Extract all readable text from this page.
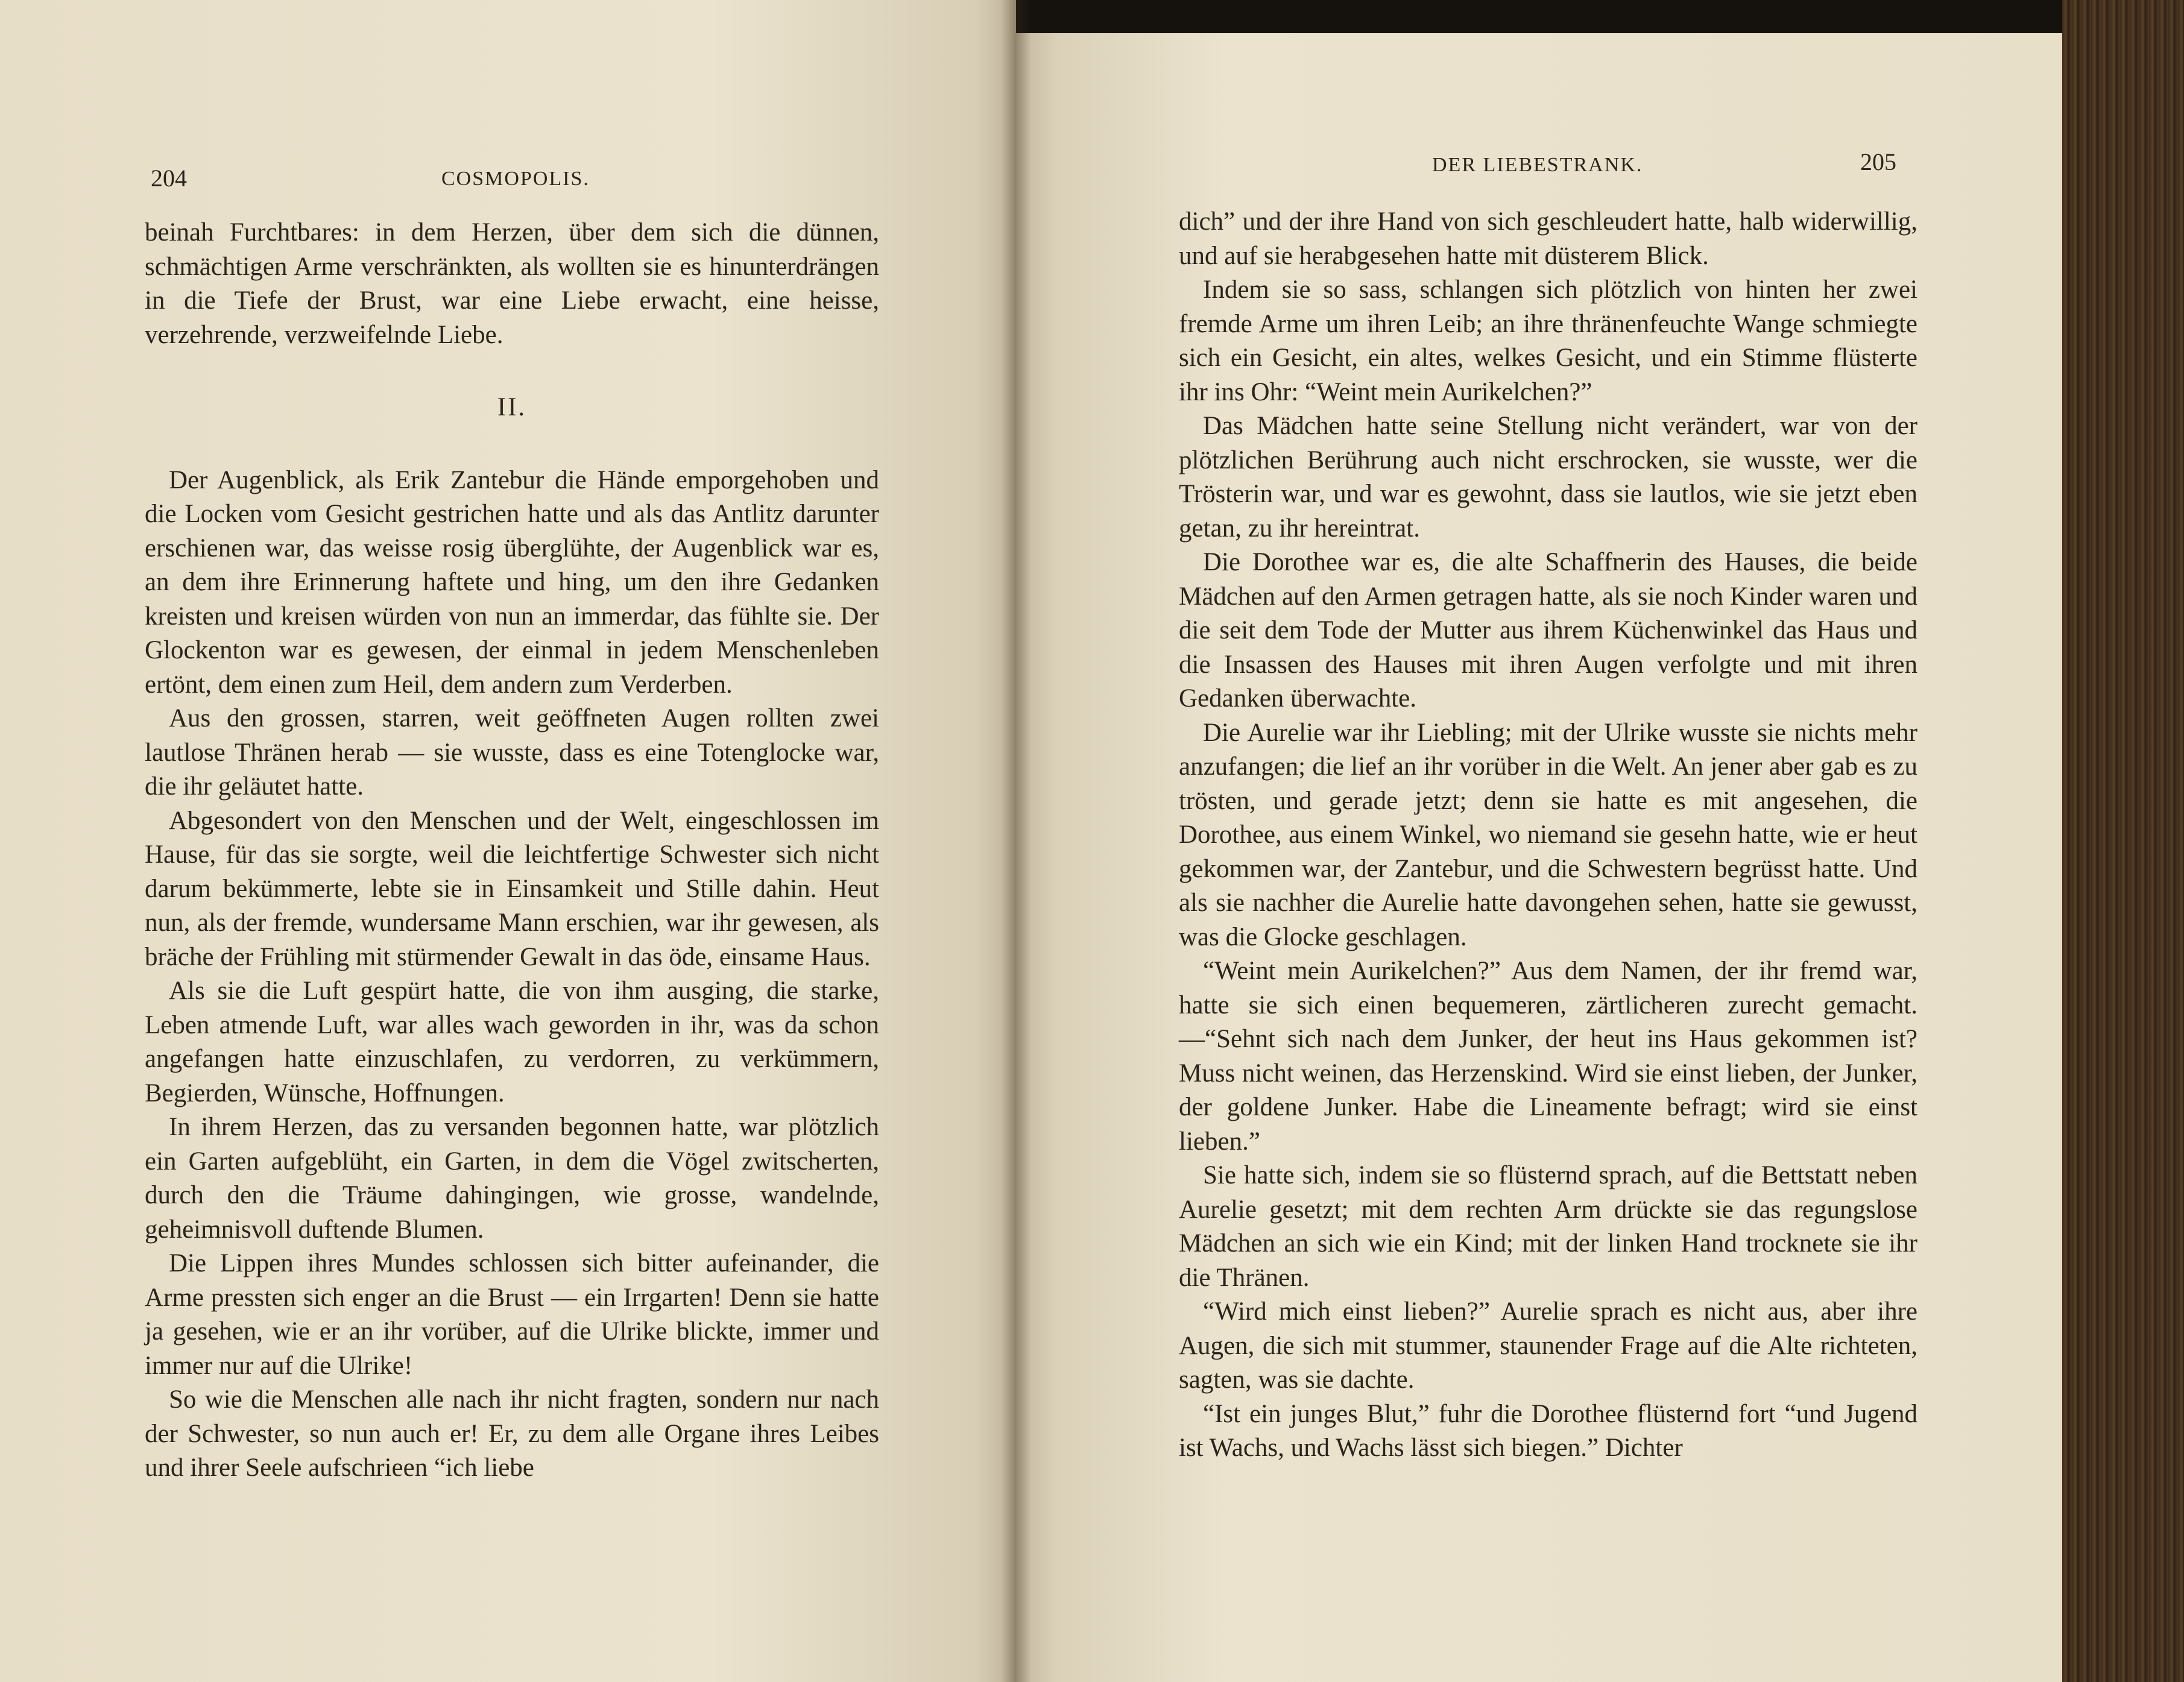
204	COSMOPOLIS.

beinah Furchtbares: in dem Herzen, über dem sich die dünnen, schmächtigen Arme verschränkten, als wollten sie es hinunterdrängen in die Tiefe der Brust, war eine Liebe erwacht, eine heisse, verzehrende, verzweifelnde Liebe.

II.

Der Augenblick, als Erik Zantebur die Hände emporgehoben und die Locken vom Gesicht gestrichen hatte und als das Antlitz darunter erschienen war, das weisse rosig überglühte, der Augenblick war es, an dem ihre Erinnerung haftete und hing, um den ihre Gedanken kreisten und kreisen würden von nun an immerdar, das fühlte sie. Der Glockenton war es gewesen, der einmal in jedem Menschenleben ertönt, dem einen zum Heil, dem andern zum Verderben.

Aus den grossen, starren, weit geöffneten Augen rollten zwei lautlose Thränen herab — sie wusste, dass es eine Totenglocke war, die ihr geläutet hatte.

Abgesondert von den Menschen und der Welt, eingeschlossen im Hause, für das sie sorgte, weil die leichtfertige Schwester sich nicht darum bekümmerte, lebte sie in Einsamkeit und Stille dahin. Heut nun, als der fremde, wundersame Mann erschien, war ihr gewesen, als bräche der Frühling mit stürmender Gewalt in das öde, einsame Haus.

Als sie die Luft gespürt hatte, die von ihm ausging, die starke, Leben atmende Luft, war alles wach geworden in ihr, was da schon angefangen hatte einzuschlafen, zu verdorren, zu verkümmern, Begierden, Wünsche, Hoffnungen.

In ihrem Herzen, das zu versanden begonnen hatte, war plötzlich ein Garten aufgeblüht, ein Garten, in dem die Vögel zwitscherten, durch den die Träume dahingingen, wie grosse, wandelnde, geheimnisvoll duftende Blumen.

Die Lippen ihres Mundes schlossen sich bitter aufeinander, die Arme pressten sich enger an die Brust — ein Irrgarten! Denn sie hatte ja gesehen, wie er an ihr vorüber, auf die Ulrike blickte, immer und immer nur auf die Ulrike!

So wie die Menschen alle nach ihr nicht fragten, sondern nur nach der Schwester, so nun auch er! Er, zu dem alle Organe ihres Leibes und ihrer Seele aufschrieen “ich liebe

DER LIEBESTRANK.	205

dich” und der ihre Hand von sich geschleudert hatte, halb widerwillig, und auf sie herabgesehen hatte mit düsterem Blick.

Indem sie so sass, schlangen sich plötzlich von hinten her zwei fremde Arme um ihren Leib; an ihre thränenfeuchte Wange schmiegte sich ein Gesicht, ein altes, welkes Gesicht, und ein Stimme flüsterte ihr ins Ohr: “Weint mein Aurikelchen?”

Das Mädchen hatte seine Stellung nicht verändert, war von der plötzlichen Berührung auch nicht erschrocken, sie wusste, wer die Trösterin war, und war es gewohnt, dass sie lautlos, wie sie jetzt eben getan, zu ihr hereintrat.

Die Dorothee war es, die alte Schaffnerin des Hauses, die beide Mädchen auf den Armen getragen hatte, als sie noch Kinder waren und die seit dem Tode der Mutter aus ihrem Küchenwinkel das Haus und die Insassen des Hauses mit ihren Augen verfolgte und mit ihren Gedanken überwachte.

Die Aurelie war ihr Liebling; mit der Ulrike wusste sie nichts mehr anzufangen; die lief an ihr vorüber in die Welt. An jener aber gab es zu trösten, und gerade jetzt; denn sie hatte es mit angesehen, die Dorothee, aus einem Winkel, wo niemand sie gesehn hatte, wie er heut gekommen war, der Zantebur, und die Schwestern begrüsst hatte. Und als sie nachher die Aurelie hatte davongehen sehen, hatte sie gewusst, was die Glocke geschlagen.

“Weint mein Aurikelchen?” Aus dem Namen, der ihr fremd war, hatte sie sich einen bequemeren, zärtlicheren zurecht gemacht.—“Sehnt sich nach dem Junker, der heut ins Haus gekommen ist? Muss nicht weinen, das Herzenskind. Wird sie einst lieben, der Junker, der goldene Junker. Habe die Lineamente befragt; wird sie einst lieben.”

Sie hatte sich, indem sie so flüsternd sprach, auf die Bettstatt neben Aurelie gesetzt; mit dem rechten Arm drückte sie das regungslose Mädchen an sich wie ein Kind; mit der linken Hand trocknete sie ihr die Thränen.

“Wird mich einst lieben?” Aurelie sprach es nicht aus, aber ihre Augen, die sich mit stummer, staunender Frage auf die Alte richteten, sagten, was sie dachte.

“Ist ein junges Blut,” fuhr die Dorothee flüsternd fort “und Jugend ist Wachs, und Wachs lässt sich biegen.” Dichter
